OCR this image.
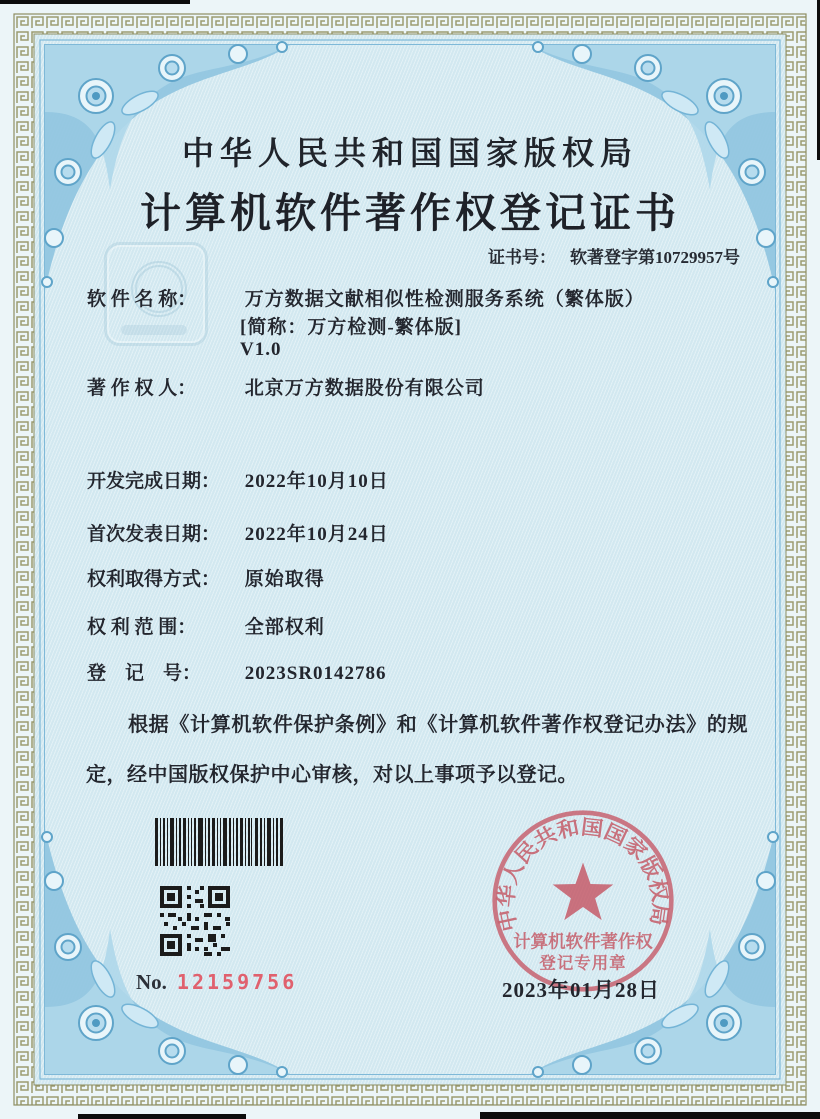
中华人民共和国国家版权局
计算机软件著作权登记证书
证书号： 软著登字第10729957号
软 件 名 称：	万方数据文献相似性检测服务系统（繁体版）
[简称：万方检测-繁体版]
V1.0
著 作 权 人：	北京万方数据股份有限公司
开发完成日期： 2022年10月10日
首次发表日期： 2022年10月24日
权利取得方式： 原始取得
权 利 范 围：	全部权利
登　记　号： 2023SR0142786

根据《计算机软件保护条例》和《计算机软件著作权登记办法》的规定，经中国版权保护中心审核，对以上事项予以登记。

No. 12159756
中华人民共和国国家版权局
计算机软件著作权
登记专用章
2023年01月28日
